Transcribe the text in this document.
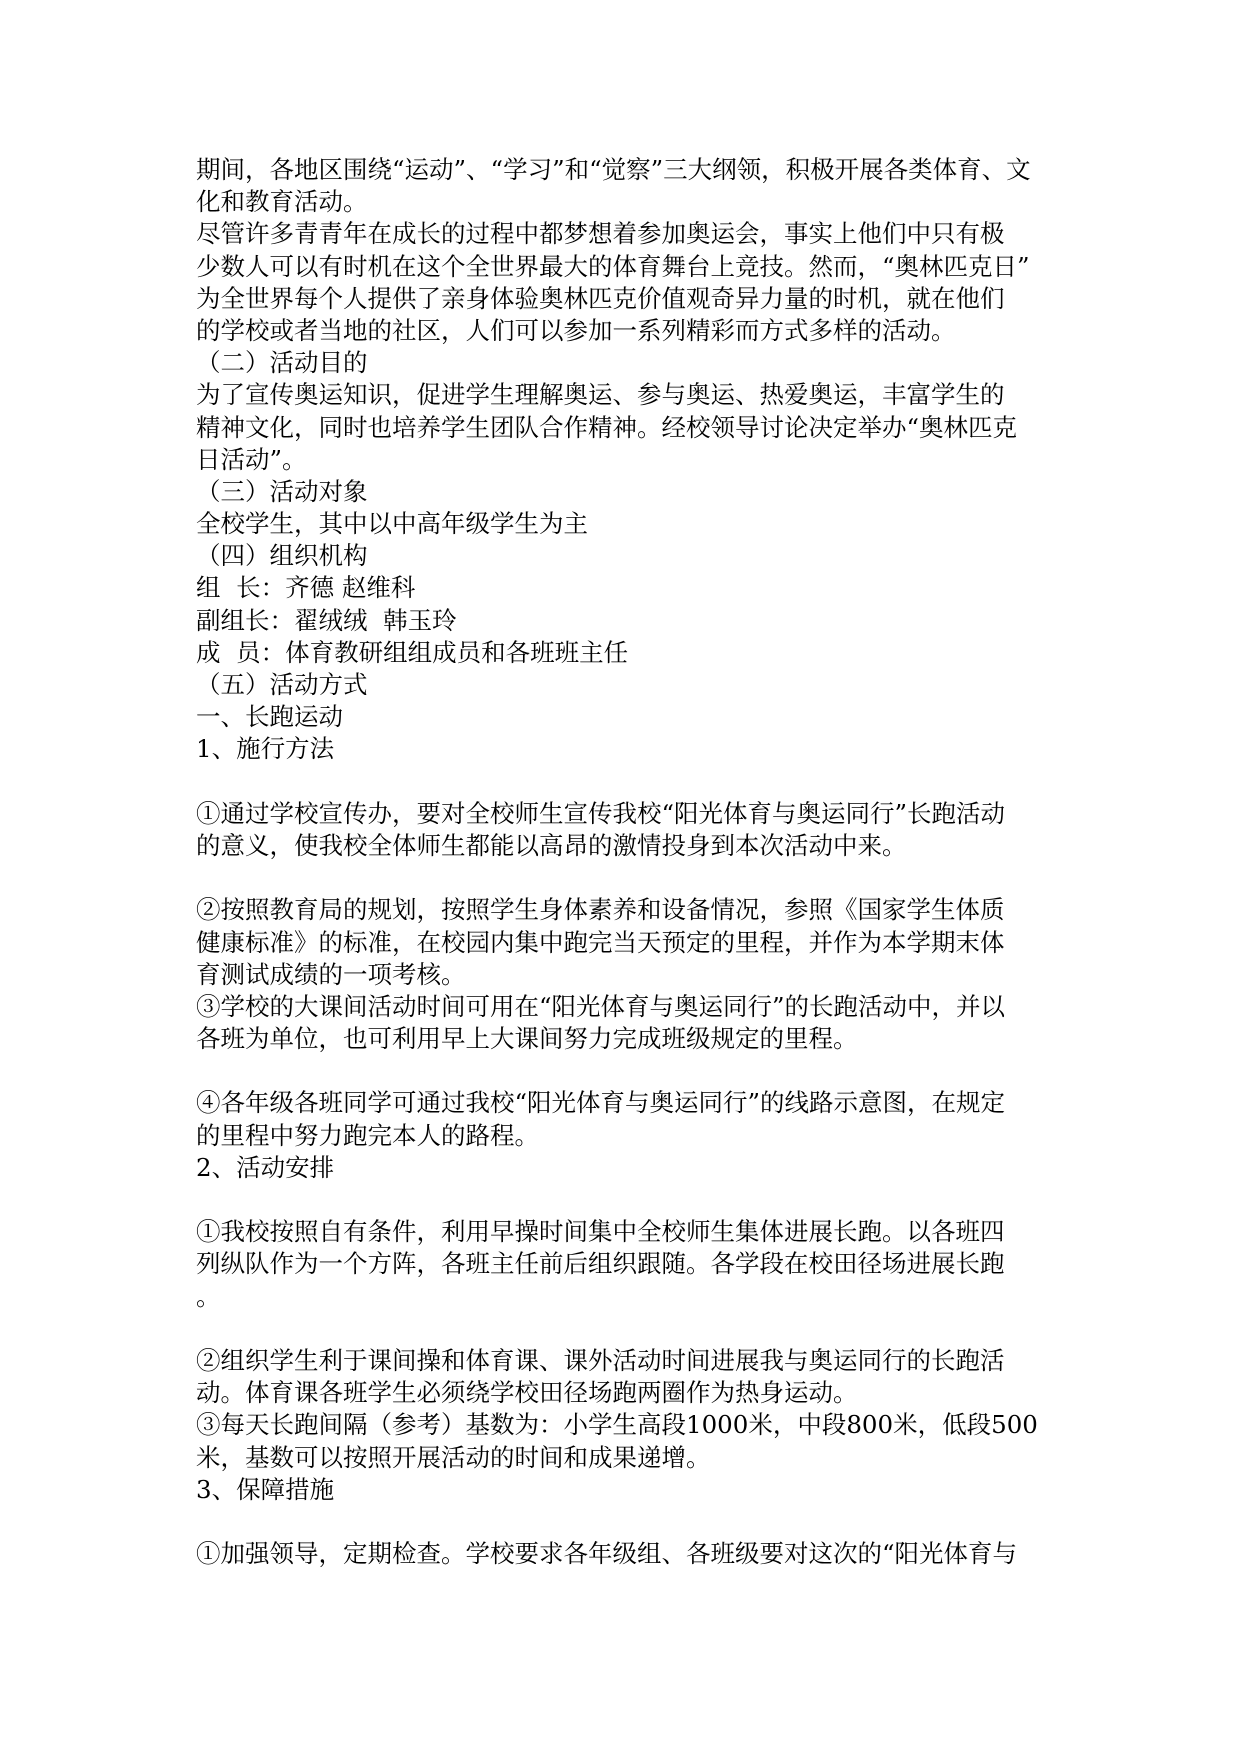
期间，各地区围绕“运动”、“学习”和“觉察”三大纲领，积极开展各类体育、文

化和教育活动。

尽管许多青青年在成长的过程中都梦想着参加奥运会，事实上他们中只有极

少数人可以有时机在这个全世界最大的体育舞台上竞技。然而，“奥林匹克日”

为全世界每个人提供了亲身体验奥林匹克价值观奇异力量的时机，就在他们

的学校或者当地的社区，人们可以参加一系列精彩而方式多样的活动。

（二）活动目的

为了宣传奥运知识，促进学生理解奥运、参与奥运、热爱奥运，丰富学生的

精神文化，同时也培养学生团队合作精神。经校领导讨论决定举办“奥林匹克

日活动”。

（三）活动对象

全校学生，其中以中高年级学生为主

（四）组织机构

组  长：齐德 赵维科

副组长：翟绒绒  韩玉玲

成  员：体育教研组组成员和各班班主任

（五）活动方式

一、长跑运动

1、施行方法

①通过学校宣传办，要对全校师生宣传我校“阳光体育与奥运同行”长跑活动

的意义，使我校全体师生都能以高昂的激情投身到本次活动中来。

②按照教育局的规划，按照学生身体素养和设备情况，参照《国家学生体质

健康标准》的标准，在校园内集中跑完当天预定的里程，并作为本学期末体

育测试成绩的一项考核。

③学校的大课间活动时间可用在“阳光体育与奥运同行”的长跑活动中，并以

各班为单位，也可利用早上大课间努力完成班级规定的里程。

④各年级各班同学可通过我校“阳光体育与奥运同行”的线路示意图，在规定

的里程中努力跑完本人的路程。

2、活动安排

①我校按照自有条件，利用早操时间集中全校师生集体进展长跑。以各班四

列纵队作为一个方阵，各班主任前后组织跟随。各学段在校田径场进展长跑

。

②组织学生利于课间操和体育课、课外活动时间进展我与奥运同行的长跑活

动。体育课各班学生必须绕学校田径场跑两圈作为热身运动。

③每天长跑间隔（参考）基数为：小学生高段1000米，中段800米，低段500

米，基数可以按照开展活动的时间和成果递增。

3、保障措施

①加强领导，定期检查。学校要求各年级组、各班级要对这次的“阳光体育与
